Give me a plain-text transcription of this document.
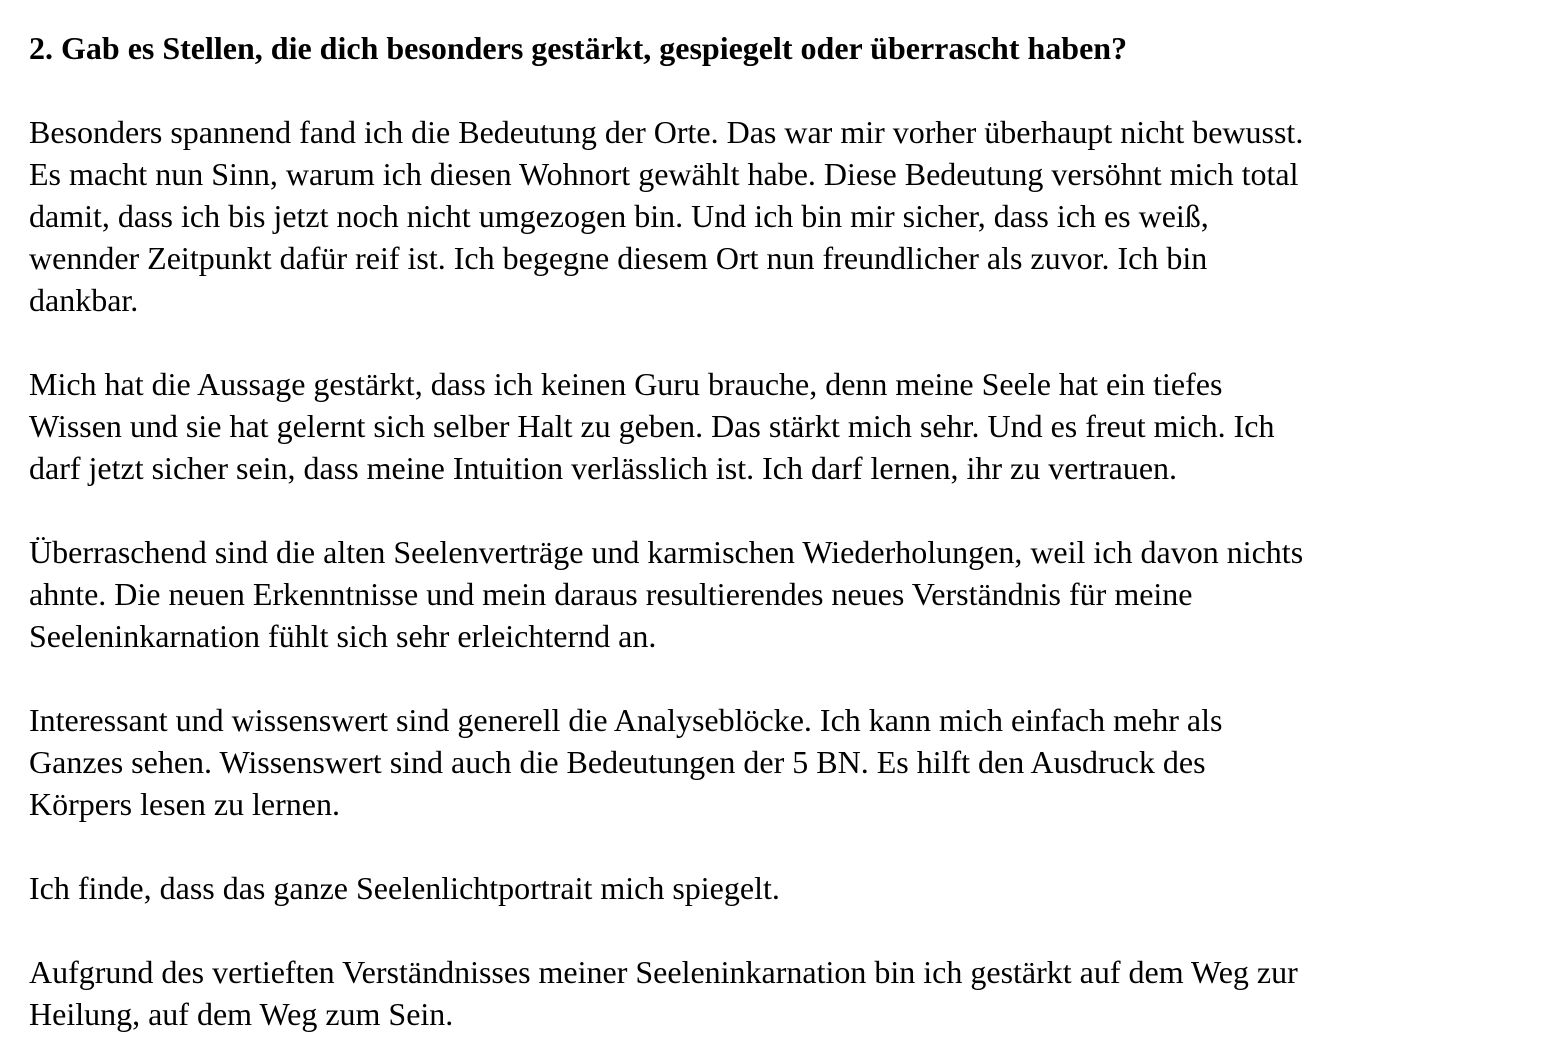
2. Gab es Stellen, die dich besonders gestärkt, gespiegelt oder überrascht haben?

Besonders spannend fand ich die Bedeutung der Orte. Das war mir vorher überhaupt nicht bewusst.
Es macht nun Sinn, warum ich diesen Wohnort gewählt habe. Diese Bedeutung versöhnt mich total
damit, dass ich bis jetzt noch nicht umgezogen bin. Und ich bin mir sicher, dass ich es weiß,
wennder Zeitpunkt dafür reif ist. Ich begegne diesem Ort nun freundlicher als zuvor. Ich bin
dankbar.

Mich hat die Aussage gestärkt, dass ich keinen Guru brauche, denn meine Seele hat ein tiefes
Wissen und sie hat gelernt sich selber Halt zu geben. Das stärkt mich sehr. Und es freut mich. Ich
darf jetzt sicher sein, dass meine Intuition verlässlich ist. Ich darf lernen, ihr zu vertrauen.

Überraschend sind die alten Seelenverträge und karmischen Wiederholungen, weil ich davon nichts
ahnte. Die neuen Erkenntnisse und mein daraus resultierendes neues Verständnis für meine
Seeleninkarnation fühlt sich sehr erleichternd an.

Interessant und wissenswert sind generell die Analyseblöcke. Ich kann mich einfach mehr als
Ganzes sehen. Wissenswert sind auch die Bedeutungen der 5 BN. Es hilft den Ausdruck des
Körpers lesen zu lernen.

Ich finde, dass das ganze Seelenlichtportrait mich spiegelt.

Aufgrund des vertieften Verständnisses meiner Seeleninkarnation bin ich gestärkt auf dem Weg zur
Heilung, auf dem Weg zum Sein.
